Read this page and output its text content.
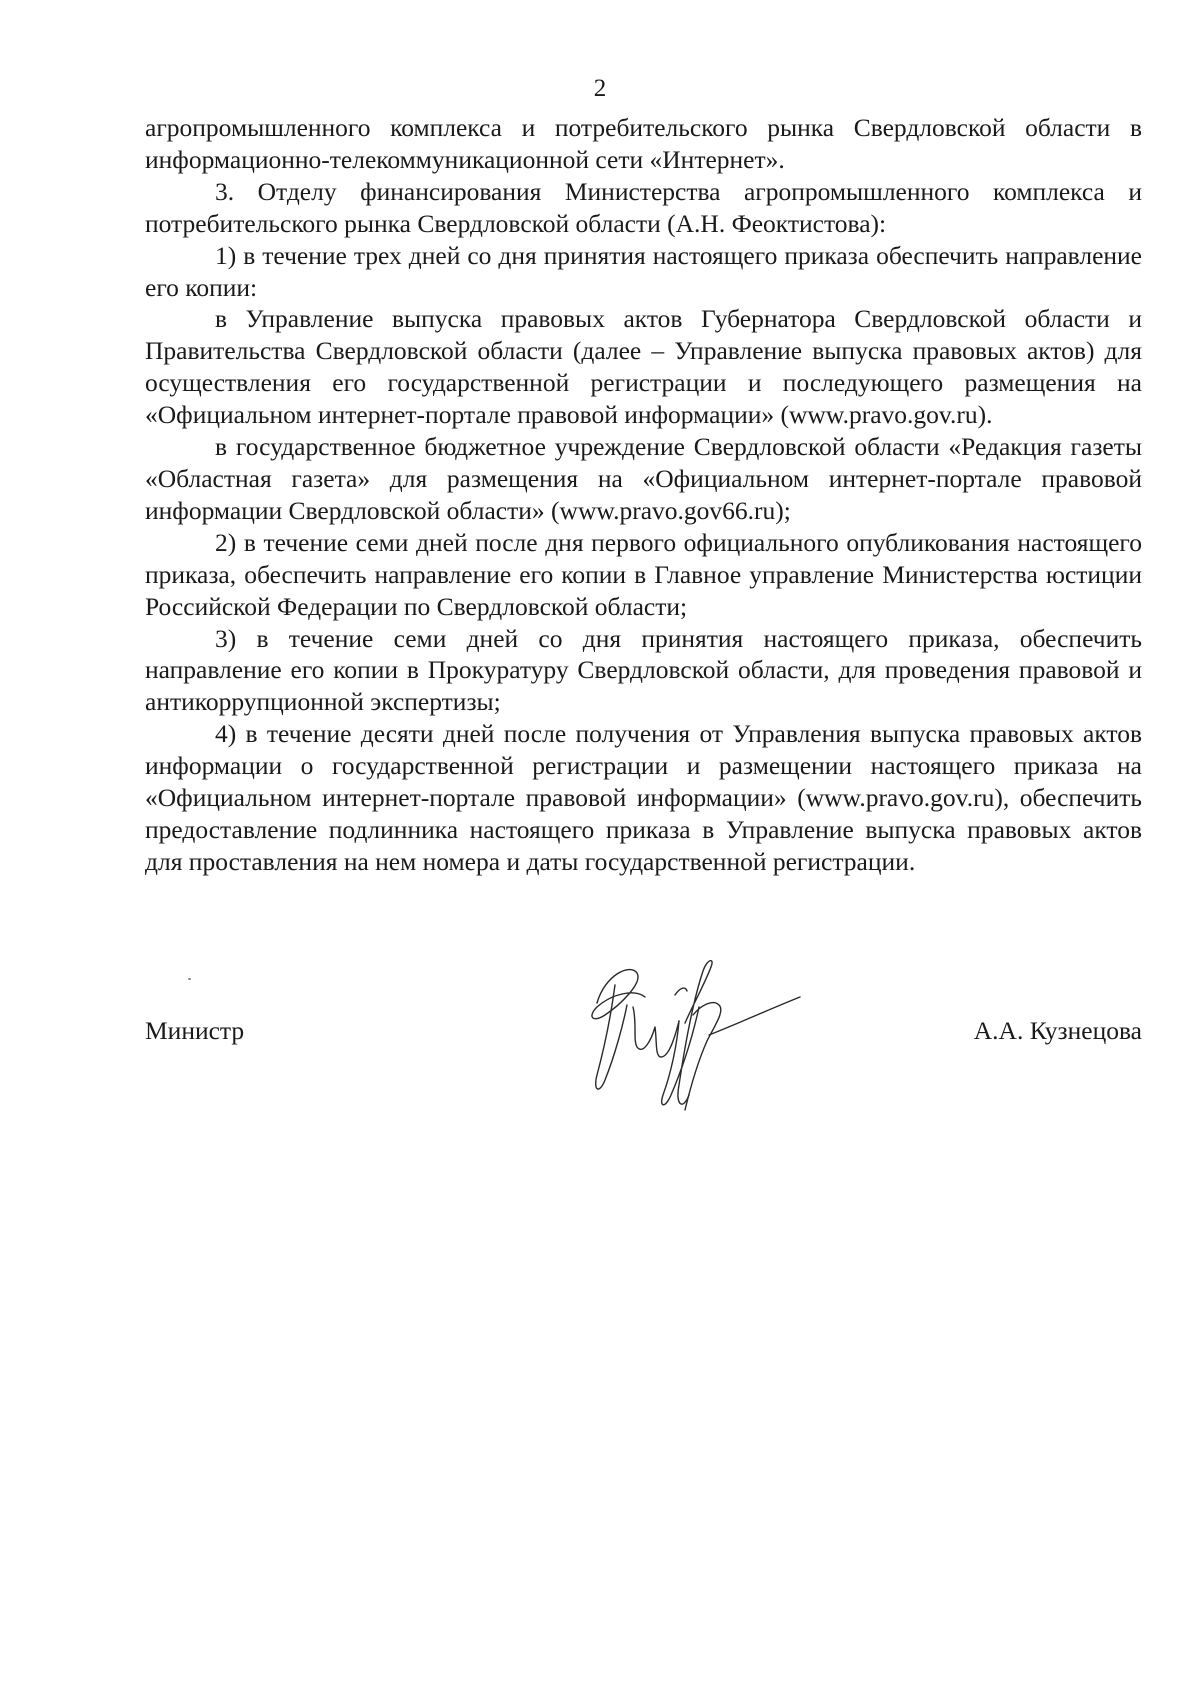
2

агропромышленного комплекса и потребительского рынка Свердловской области в информационно-телекоммуникационной сети «Интернет».

3. Отделу финансирования Министерства агропромышленного комплекса и потребительского рынка Свердловской области (А.Н. Феоктистова):

1) в течение трех дней со дня принятия настоящего приказа обеспечить направление его копии:

в Управление выпуска правовых актов Губернатора Свердловской области и Правительства Свердловской области (далее – Управление выпуска правовых актов) для осуществления его государственной регистрации и последующего размещения на «Официальном интернет-портале правовой информации» (www.pravo.gov.ru).

в государственное бюджетное учреждение Свердловской области «Редакция газеты «Областная газета» для размещения на «Официальном интернет-портале правовой информации Свердловской области» (www.pravo.gov66.ru);

2) в течение семи дней после дня первого официального опубликования настоящего приказа, обеспечить направление его копии в Главное управление Министерства юстиции Российской Федерации по Свердловской области;

3) в течение семи дней со дня принятия настоящего приказа, обеспечить направление его копии в Прокуратуру Свердловской области, для проведения правовой и антикоррупционной экспертизы;

4) в течение десяти дней после получения от Управления выпуска правовых актов информации о государственной регистрации и размещении настоящего приказа на «Официальном интернет-портале правовой информации» (www.pravo.gov.ru), обеспечить предоставление подлинника настоящего приказа в Управление выпуска правовых актов для проставления на нем номера и даты государственной регистрации.

Министр	А.А. Кузнецова
